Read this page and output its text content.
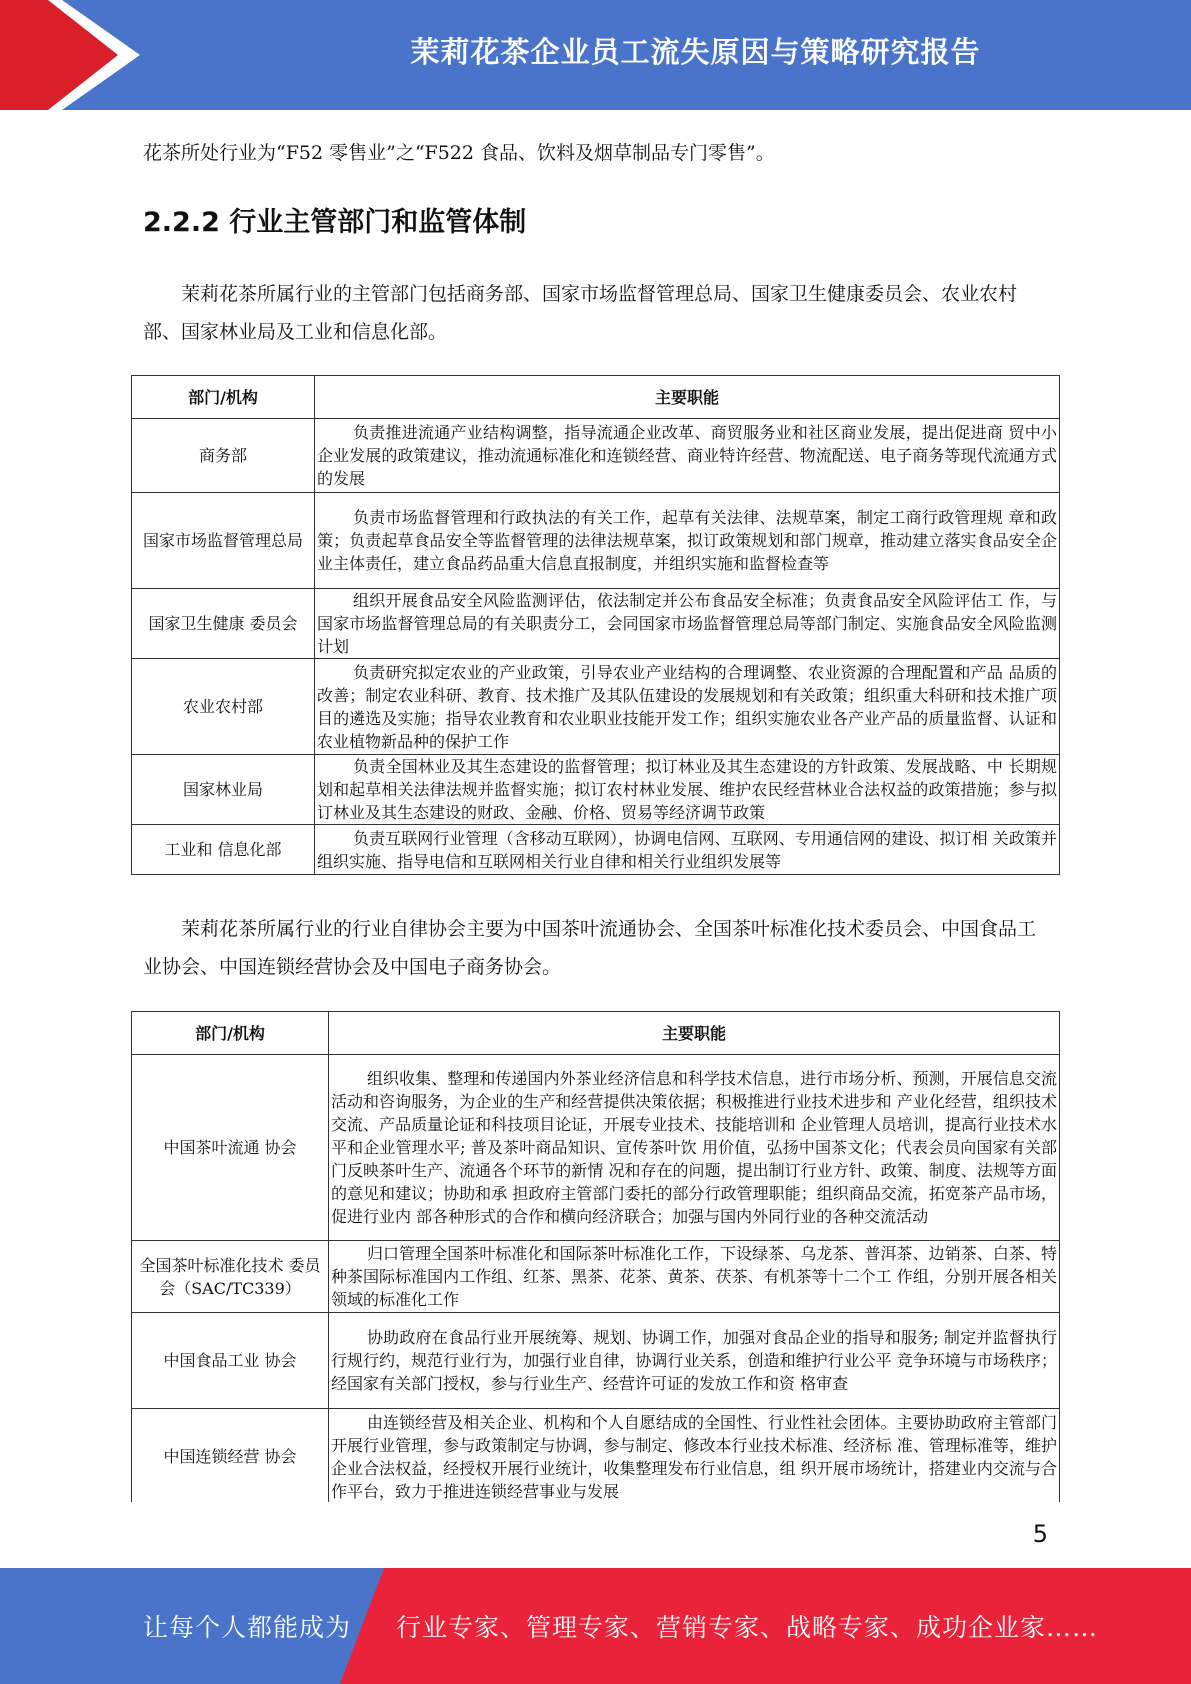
茉莉花茶企业员工流失原因与策略研究报告
花茶所处行业为“F52 零售业”之“F522 食品、饮料及烟草制品专门零售”。
2.2.2 行业主管部门和监管体制
茉莉花茶所属行业的主管部门包括商务部、国家市场监督管理总局、国家卫生健康委员会、农业农村部、国家林业局及工业和信息化部。
部门/机构	主要职能
商务部	负责推进流通产业结构调整，指导流通企业改革、商贸服务业和社区商业发展，提出促进商 贸中小企业发展的政策建议，推动流通标准化和连锁经营、商业特许经营、物流配送、电子商务等现代流通方式的发展
国家市场监督管理总局	负责市场监督管理和行政执法的有关工作，起草有关法律、法规草案，制定工商行政管理规 章和政策；负责起草食品安全等监督管理的法律法规草案，拟订政策规划和部门规章，推动建立落实食品安全企业主体责任，建立食品药品重大信息直报制度，并组织实施和监督检查等
国家卫生健康 委员会	组织开展食品安全风险监测评估，依法制定并公布食品安全标准；负责食品安全风险评估工 作，与国家市场监督管理总局的有关职责分工，会同国家市场监督管理总局等部门制定、实施食品安全风险监测计划
农业农村部	负责研究拟定农业的产业政策，引导农业产业结构的合理调整、农业资源的合理配置和产品 品质的改善；制定农业科研、教育、技术推广及其队伍建设的发展规划和有关政策；组织重大科研和技术推广项目的遴选及实施；指导农业教育和农业职业技能开发工作；组织实施农业各产业产品的质量监督、认证和农业植物新品种的保护工作
国家林业局	负责全国林业及其生态建设的监督管理；拟订林业及其生态建设的方针政策、发展战略、中 长期规划和起草相关法律法规并监督实施；拟订农村林业发展、维护农民经营林业合法权益的政策措施；参与拟订林业及其生态建设的财政、金融、价格、贸易等经济调节政策
工业和 信息化部	负责互联网行业管理（含移动互联网），协调电信网、互联网、专用通信网的建设、拟订相 关政策并组织实施、指导电信和互联网相关行业自律和相关行业组织发展等
茉莉花茶所属行业的行业自律协会主要为中国茶叶流通协会、全国茶叶标准化技术委员会、中国食品工业协会、中国连锁经营协会及中国电子商务协会。
部门/机构	主要职能
中国茶叶流通 协会	组织收集、整理和传递国内外茶业经济信息和科学技术信息，进行市场分析、预测，开展信息交流活动和咨询服务，为企业的生产和经营提供决策依据；积极推进行业技术进步和 产业化经营，组织技术交流、产品质量论证和科技项目论证，开展专业技术、技能培训和 企业管理人员培训，提高行业技术水平和企业管理水平; 普及茶叶商品知识、宣传茶叶饮 用价值，弘扬中国茶文化；代表会员向国家有关部门反映茶叶生产、流通各个环节的新情 况和存在的问题，提出制订行业方针、政策、制度、法规等方面的意见和建议；协助和承 担政府主管部门委托的部分行政管理职能；组织商品交流，拓宽茶产品市场，促进行业内 部各种形式的合作和横向经济联合；加强与国内外同行业的各种交流活动
全国茶叶标准化技术 委员会（SAC/TC339）	归口管理全国茶叶标准化和国际茶叶标准化工作，下设绿茶、乌龙茶、普洱茶、边销茶、白茶、特种茶国际标准国内工作组、红茶、黑茶、花茶、黄茶、茯茶、有机茶等十二个工 作组，分别开展各相关领域的标准化工作
中国食品工业 协会	协助政府在食品行业开展统筹、规划、协调工作，加强对食品企业的指导和服务; 制定并监督执行行规行约，规范行业行为，加强行业自律，协调行业关系，创造和维护行业公平 竞争环境与市场秩序；经国家有关部门授权，参与行业生产、经营许可证的发放工作和资 格审查
中国连锁经营 协会	由连锁经营及相关企业、机构和个人自愿结成的全国性、行业性社会团体。主要协助政府主管部门开展行业管理，参与政策制定与协调，参与制定、修改本行业技术标准、经济标 准、管理标准等，维护企业合法权益，经授权开展行业统计，收集整理发布行业信息，组 织开展市场统计，搭建业内交流与合作平台，致力于推进连锁经营事业与发展
5
让每个人都能成为 行业专家、管理专家、营销专家、战略专家、成功企业家……
